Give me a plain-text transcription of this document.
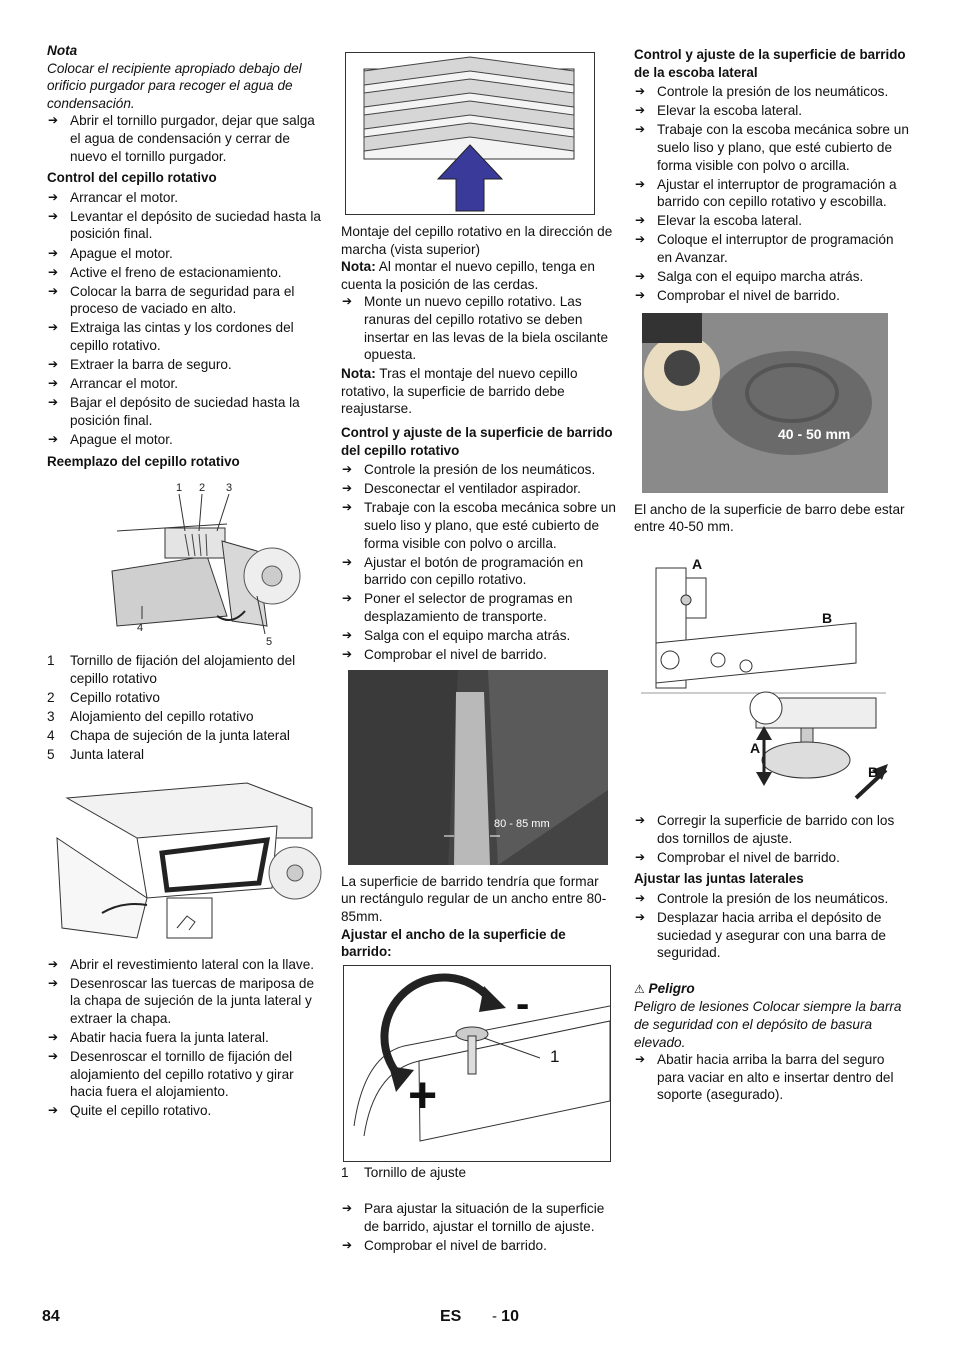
Nota

Colocar el recipiente apropiado debajo del orificio purgador para recoger el agua de condensación.

➔ Abrir el tornillo purgador, dejar que salga el agua de condensación y cerrar de nuevo el tornillo purgador.

Control del cepillo rotativo

➔ Arrancar el motor.

➔ Levantar el depósito de suciedad hasta la posición final.

➔ Apague el motor.

➔ Active el freno de estacionamiento.

➔ Colocar la barra de seguridad para el proceso de vaciado en alto.

➔ Extraiga las cintas y los cordones del cepillo rotativo.

➔ Extraer la barra de seguro.

➔ Arrancar el motor.

➔ Bajar el depósito de suciedad hasta la posición final.

➔ Apague el motor.

Reemplazo del cepillo rotativo

1 2 3
4
5

1 Tornillo de fijación del alojamiento del cepillo rotativo

2 Cepillo rotativo

3 Alojamiento del cepillo rotativo

4 Chapa de sujeción de la junta lateral

5 Junta lateral

➔ Abrir el revestimiento lateral con la llave.

➔ Desenroscar las tuercas de mariposa de la chapa de sujeción de la junta lateral y extraer la chapa.

➔ Abatir hacia fuera la junta lateral.

➔ Desenroscar el tornillo de fijación del alojamiento del cepillo rotativo y girar hacia fuera el alojamiento.

➔ Quite el cepillo rotativo.

Montaje del cepillo rotativo en la dirección de marcha (vista superior)

Nota: Al montar el nuevo cepillo, tenga en cuenta la posición de las cerdas.

➔ Monte un nuevo cepillo rotativo. Las ranuras del cepillo rotativo se deben insertar en las levas de la biela oscilante opuesta.

Nota: Tras el montaje del nuevo cepillo rotativo, la superficie de barrido debe reajustarse.

Control y ajuste de la superficie de barrido del cepillo rotativo

➔ Controle la presión de los neumáticos.

➔ Desconectar el ventilador aspirador.

➔ Trabaje con la escoba mecánica sobre un suelo liso y plano, que esté cubierto de forma visible con polvo o arcilla.

➔ Ajustar el botón de programación en barrido con cepillo rotativo.

➔ Poner el selector de programas en desplazamiento de transporte.

➔ Salga con el equipo marcha atrás.

➔ Comprobar el nivel de barrido.

80 - 85 mm

La superficie de barrido tendría que formar un rectángulo regular de un ancho entre 80-85mm.

Ajustar el ancho de la superficie de barrido:

-
+
1

1 Tornillo de ajuste

➔ Para ajustar la situación de la superficie de barrido, ajustar el tornillo de ajuste.

➔ Comprobar el nivel de barrido.

Control y ajuste de la superficie de barrido de la escoba lateral

➔ Controle la presión de los neumáticos.

➔ Elevar la escoba lateral.

➔ Trabaje con la escoba mecánica sobre un suelo liso y plano, que esté cubierto de forma visible con polvo o arcilla.

➔ Ajustar el interruptor de programación a barrido con cepillo rotativo y escobilla.

➔ Elevar la escoba lateral.

➔ Coloque el interruptor de programación en Avanzar.

➔ Salga con el equipo marcha atrás.

➔ Comprobar el nivel de barrido.

40 - 50 mm

El ancho de la superficie de barro debe estar entre 40-50 mm.

A
B
A
B

➔ Corregir la superficie de barrido con los dos tornillos de ajuste.

➔ Comprobar el nivel de barrido.

Ajustar las juntas laterales

➔ Controle la presión de los neumáticos.

➔ Desplazar hacia arriba el depósito de suciedad y asegurar con una barra de seguridad.

⚠ Peligro

Peligro de lesiones Colocar siempre la barra de seguridad con el depósito de basura elevado.

➔ Abatir hacia arriba la barra del seguro para vaciar en alto e insertar dentro del soporte (asegurado).

84	ES - 10
